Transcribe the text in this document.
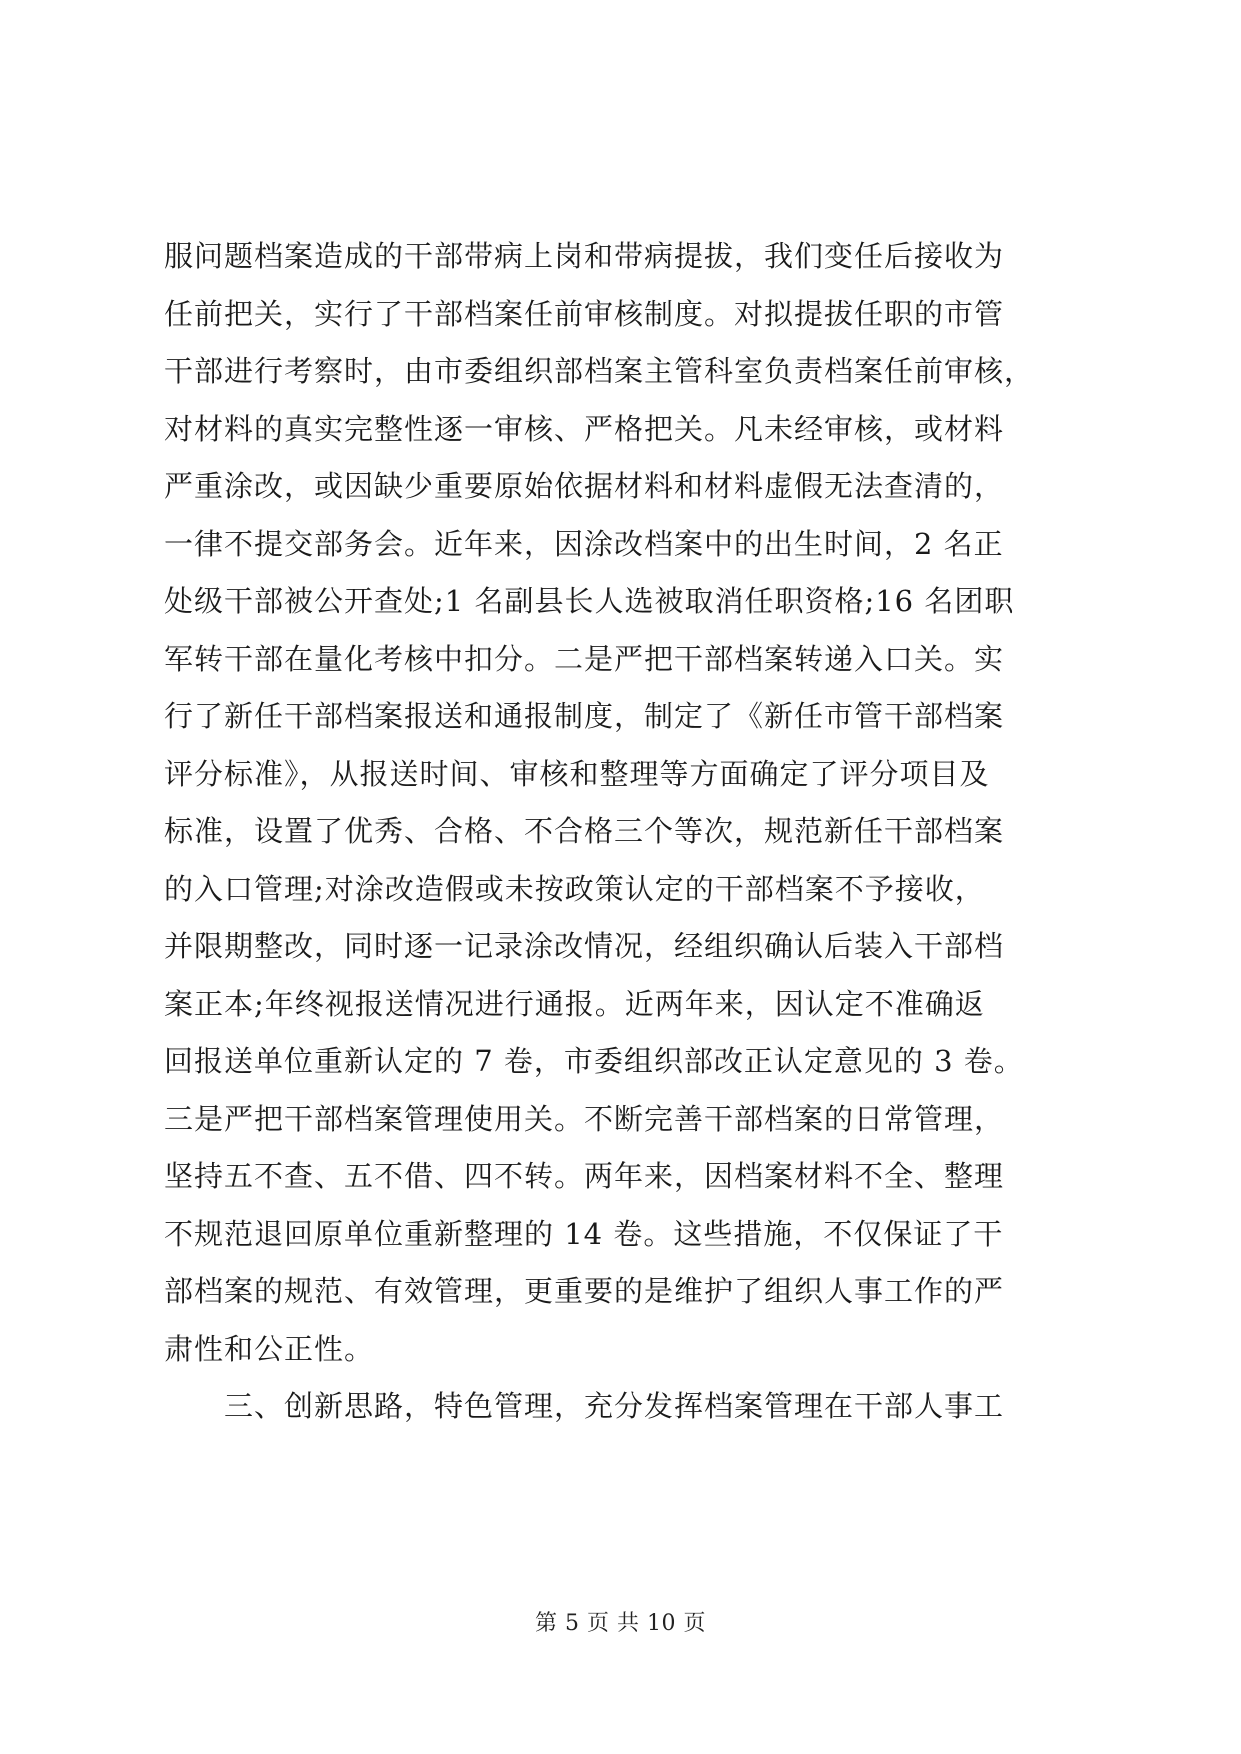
服问题档案造成的干部带病上岗和带病提拔，我们变任后接收为
任前把关，实行了干部档案任前审核制度。对拟提拔任职的市管
干部进行考察时，由市委组织部档案主管科室负责档案任前审核，
对材料的真实完整性逐一审核、严格把关。凡未经审核，或材料
严重涂改，或因缺少重要原始依据材料和材料虚假无法查清的，
一律不提交部务会。近年来，因涂改档案中的出生时间，2 名正
处级干部被公开查处;1 名副县长人选被取消任职资格;16 名团职
军转干部在量化考核中扣分。二是严把干部档案转递入口关。实
行了新任干部档案报送和通报制度，制定了《新任市管干部档案
评分标准》，从报送时间、审核和整理等方面确定了评分项目及
标准，设置了优秀、合格、不合格三个等次，规范新任干部档案
的入口管理;对涂改造假或未按政策认定的干部档案不予接收，
并限期整改，同时逐一记录涂改情况，经组织确认后装入干部档
案正本;年终视报送情况进行通报。近两年来，因认定不准确返
回报送单位重新认定的 7 卷，市委组织部改正认定意见的 3 卷。
三是严把干部档案管理使用关。不断完善干部档案的日常管理，
坚持五不查、五不借、四不转。两年来，因档案材料不全、整理
不规范退回原单位重新整理的 14 卷。这些措施，不仅保证了干
部档案的规范、有效管理，更重要的是维护了组织人事工作的严
肃性和公正性。
　　三、创新思路，特色管理，充分发挥档案管理在干部人事工
第 5 页 共 10 页
